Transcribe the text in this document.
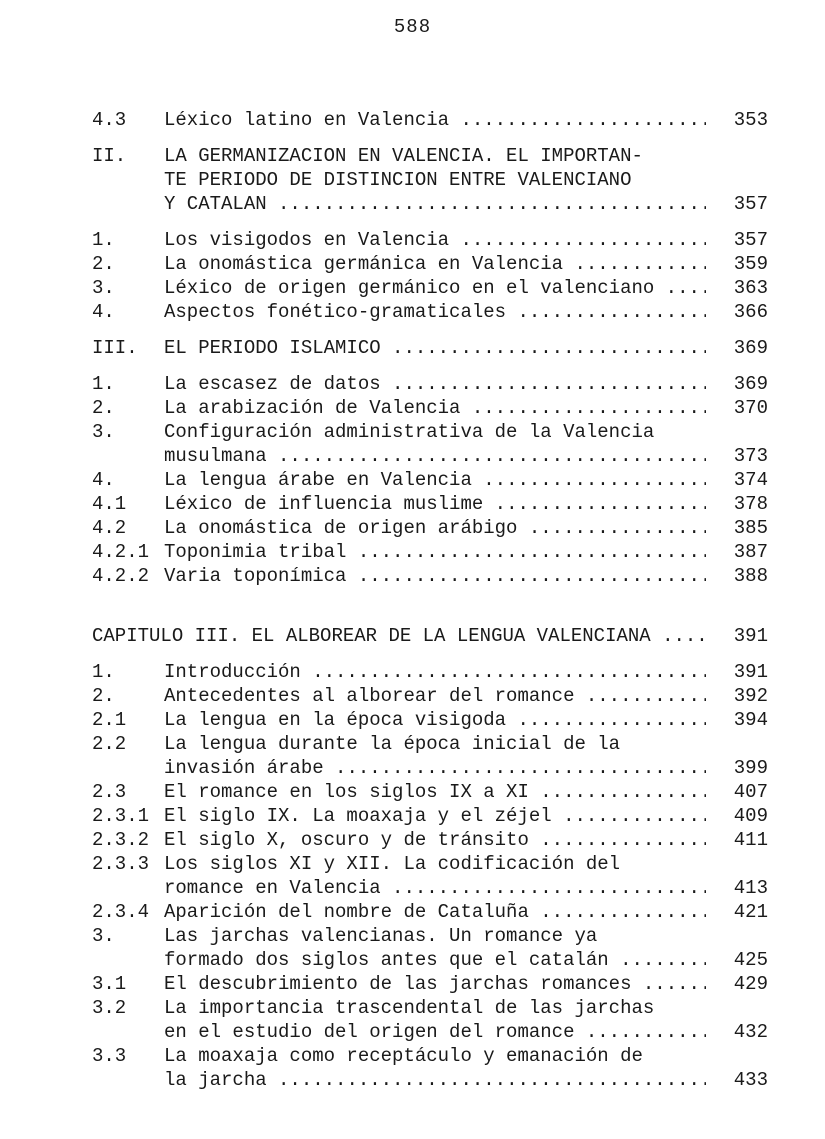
588
4.3 Léxico latino en Valencia .....	353
II. LA GERMANIZACION EN VALENCIA. EL IMPORTAN-
TE PERIODO DE DISTINCION ENTRE VALENCIANO
Y CATALAN .....	357
1.	Los visigodos en Valencia .....	357
2.	La onomástica germánica en Valencia .....	359
3.	Léxico de origen germánico en el valenciano .....	363
4.	Aspectos fonético-gramaticales .....	366
III. EL PERIODO ISLAMICO .....	369
1.	La escasez de datos .....	369
2.	La arabización de Valencia .....	370
3.	Configuración administrativa de la Valencia
musulmana .....	373
4.	La lengua árabe en Valencia .....	374
4.1 Léxico de influencia muslime .....	378
4.2 La onomástica de origen arábigo .....	385
4.2.1 Toponimia tribal .....	387
4.2.2 Varia toponímica .....	388
CAPITULO III. EL ALBOREAR DE LA LENGUA VALENCIANA .....	391
1.	Introducción .....	391
2.	Antecedentes al alborear del romance .....	392
2.1 La lengua en la época visigoda .....	394
2.2 La lengua durante la época inicial de la
invasión árabe .....	399
2.3 El romance en los siglos IX a XI .....	407
2.3.1 El siglo IX. La moaxaja y el zéjel .....	409
2.3.2 El siglo X, oscuro y de tránsito .....	411
2.3.3 Los siglos XI y XII. La codificación del
romance en Valencia .....	413
2.3.4 Aparición del nombre de Cataluña .....	421
3.	Las jarchas valencianas. Un romance ya
formado dos siglos antes que el catalán .....	425
3.1 El descubrimiento de las jarchas romances .....	429
3.2 La importancia trascendental de las jarchas
en el estudio del origen del romance .....	432
3.3 La moaxaja como receptáculo y emanación de
la jarcha .....	433
